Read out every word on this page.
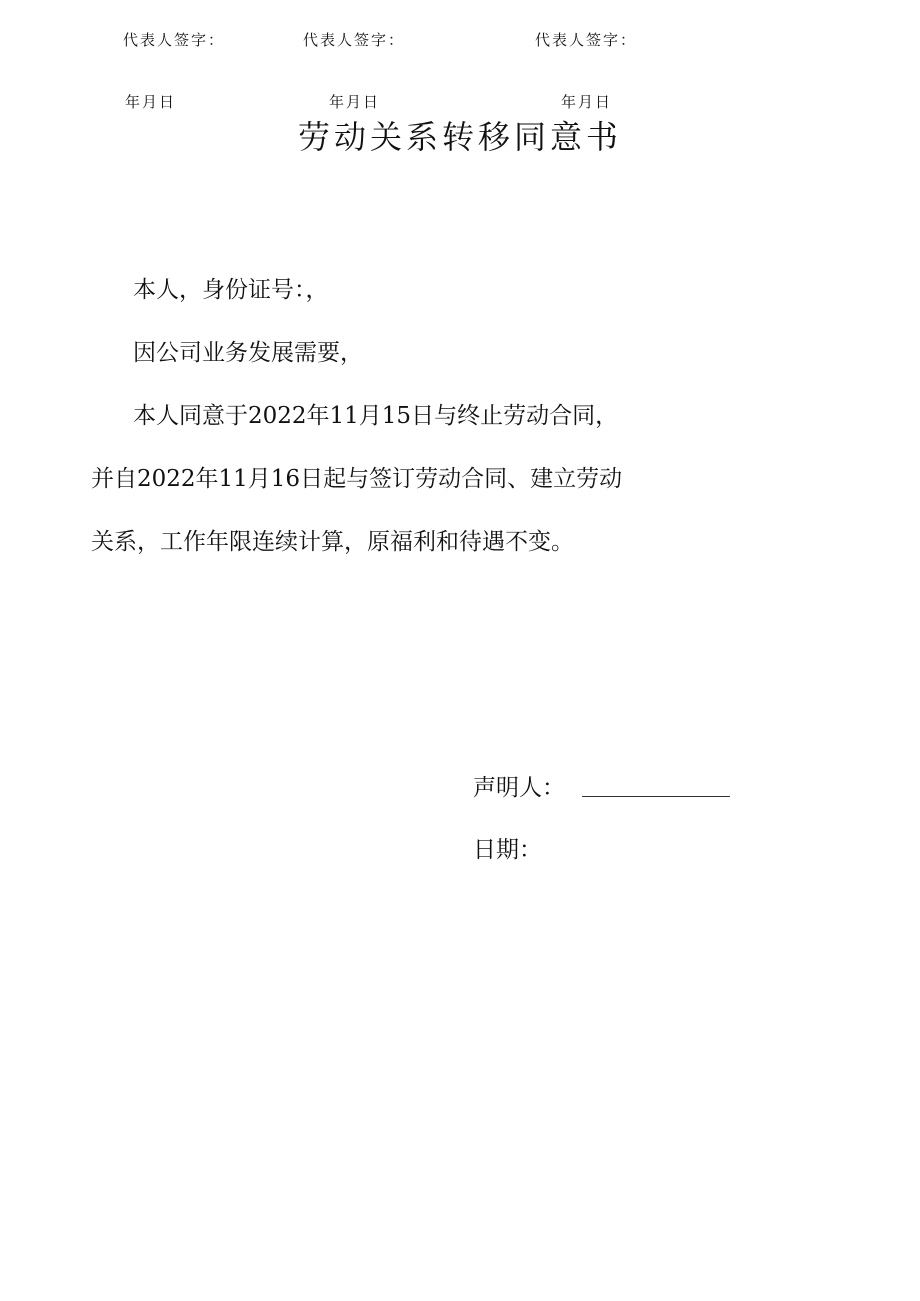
代表人签字：	代表人签字：	代表人签字：
年月日	年月日	年月日
劳动关系转移同意书
本人，身份证号：，
因公司业务发展需要，
本人同意于2022年11月15日与终止劳动合同，
并自2022年11月16日起与签订劳动合同、建立劳动
关系，工作年限连续计算，原福利和待遇不变。
声明人：
日期：
